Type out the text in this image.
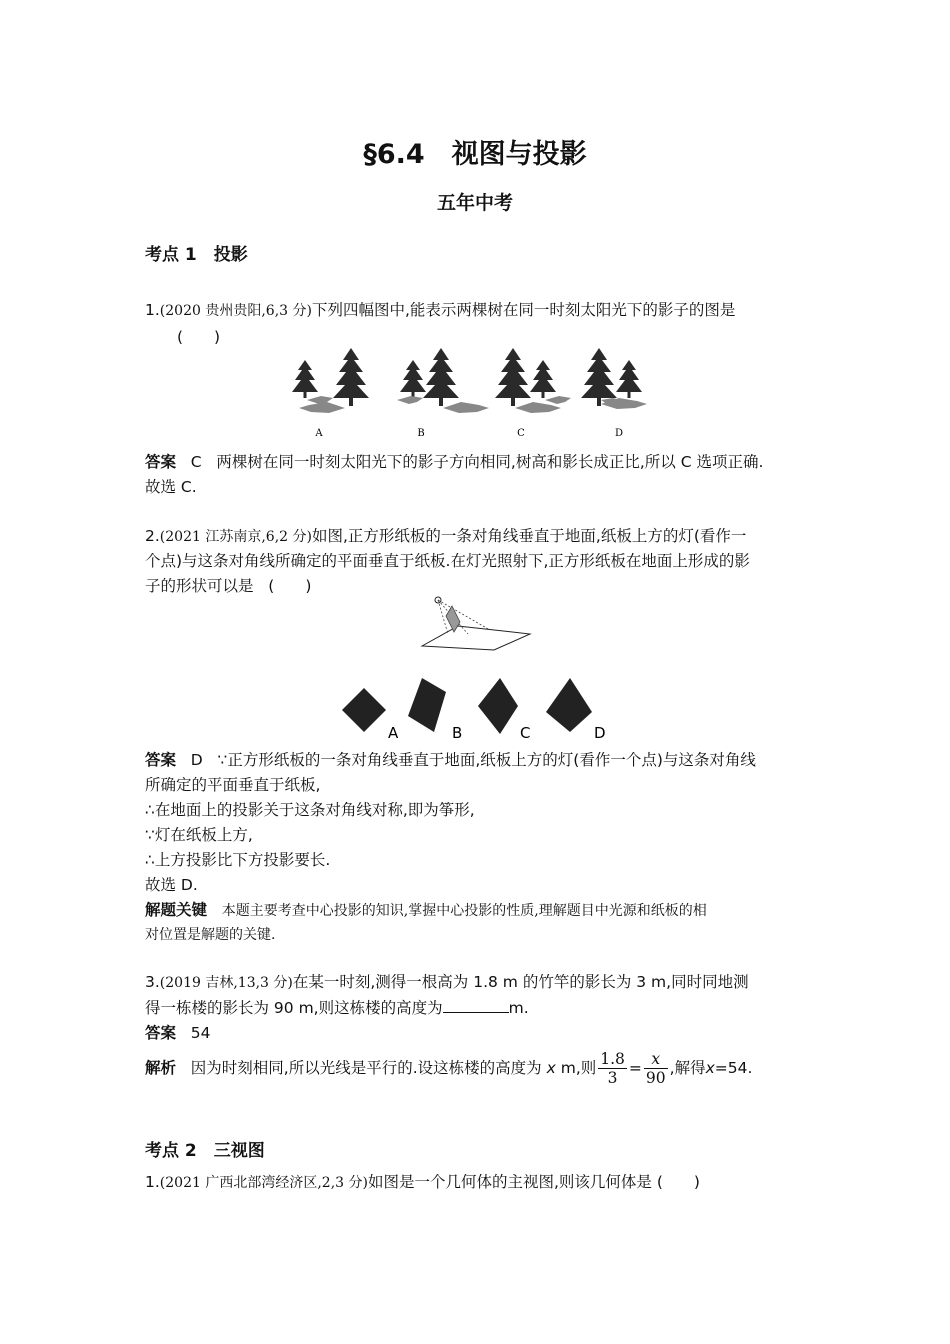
§6.4　视图与投影
五年中考
考点 1　投影
1.(2020 贵州贵阳,6,3 分)下列四幅图中,能表示两棵树在同一时刻太阳光下的影子的图是
(　　)
A	B	C	D
答案 C 两棵树在同一时刻太阳光下的影子方向相同,树高和影长成正比,所以 C 选项正确.
故选 C.
2.(2021 江苏南京,6,2 分)如图,正方形纸板的一条对角线垂直于地面,纸板上方的灯(看作一
个点)与这条对角线所确定的平面垂直于纸板.在灯光照射下,正方形纸板在地面上形成的影
子的形状可以是 (　　)
A	B	C	D
答案 D ∵正方形纸板的一条对角线垂直于地面,纸板上方的灯(看作一个点)与这条对角线
所确定的平面垂直于纸板,
∴在地面上的投影关于这条对角线对称,即为筝形,
∵灯在纸板上方,
∴上方投影比下方投影要长.
故选 D.
解题关键 本题主要考查中心投影的知识,掌握中心投影的性质,理解题目中光源和纸板的相
对位置是解题的关键.
3.(2019 吉林,13,3 分)在某一时刻,测得一根高为 1.8 m 的竹竿的影长为 3 m,同时同地测
得一栋楼的影长为 90 m,则这栋楼的高度为	m.
答案 54
解析 因为时刻相同,所以光线是平行的.设这栋楼的高度为 x m,则 $\frac{1.8}{3} = \frac{x}{90}$ ,解得x=54.
考点 2　三视图
1.(2021 广西北部湾经济区,2,3 分)如图是一个几何体的主视图,则该几何体是 (　　)
